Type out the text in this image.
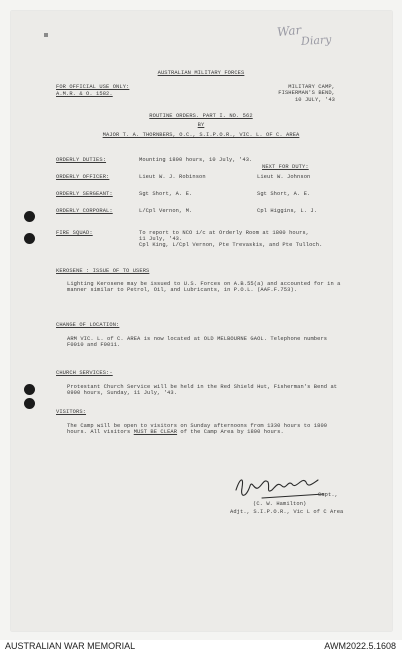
War
Diary
AUSTRALIAN MILITARY FORCES
FOR OFFICIAL USE ONLY:
A.M.R. & O. 1582.
MILITARY CAMP,
FISHERMAN'S BEND,
10 JULY, '43
ROUTINE ORDERS. PART I. NO. 562
BY
MAJOR T. A. THORNBERS, O.C., S.I.P.O.R., VIC. L. OF C. AREA
ORDERLY DUTIES:	Mounting 1800 hours, 10 July, '43.
NEXT FOR DUTY:
ORDERLY OFFICER:	Lieut W. J. Robinson	Lieut W. Johnson
ORDERLY SERGEANT:	Sgt Short, A. E.	Sgt Short, A. E.
ORDERLY CORPORAL:	L/Cpl Vernon, M.	Cpl Higgins, L. J.
FIRE SQUAD:	To report to NCO i/c at Orderly Room at 1800 hours,
11 July, '43.
Cpl King, L/Cpl Vernon, Pte Trevaskis, and Pte Tulloch.
KEROSENE : ISSUE OF TO USERS
Lighting Kerosene may be issued to U.S. Forces on A.B.55(a) and accounted for in a manner similar to Petrol, Oil, and Lubricants, in P.O.L. (AAF.F.753).
CHANGE OF LOCATION:
ARM VIC. L. of C. AREA is now located at OLD MELBOURNE GAOL. Telephone numbers F0010 and F0011.
CHURCH SERVICES:-
Protestant Church Service will be held in the Red Shield Hut, Fisherman's Bend at 0900 hours, Sunday, 11 July, '43.
VISITORS:
The Camp will be open to visitors on Sunday afternoons from 1330 hours to 1800 hours. All visitors MUST BE CLEAR of the Camp Area by 1800 hours.
Capt.,
(C. W. Hamilton)
Adjt., S.I.P.O.R., Vic L of C Area
AUSTRALIAN WAR MEMORIAL	AWM2022.5.1608
